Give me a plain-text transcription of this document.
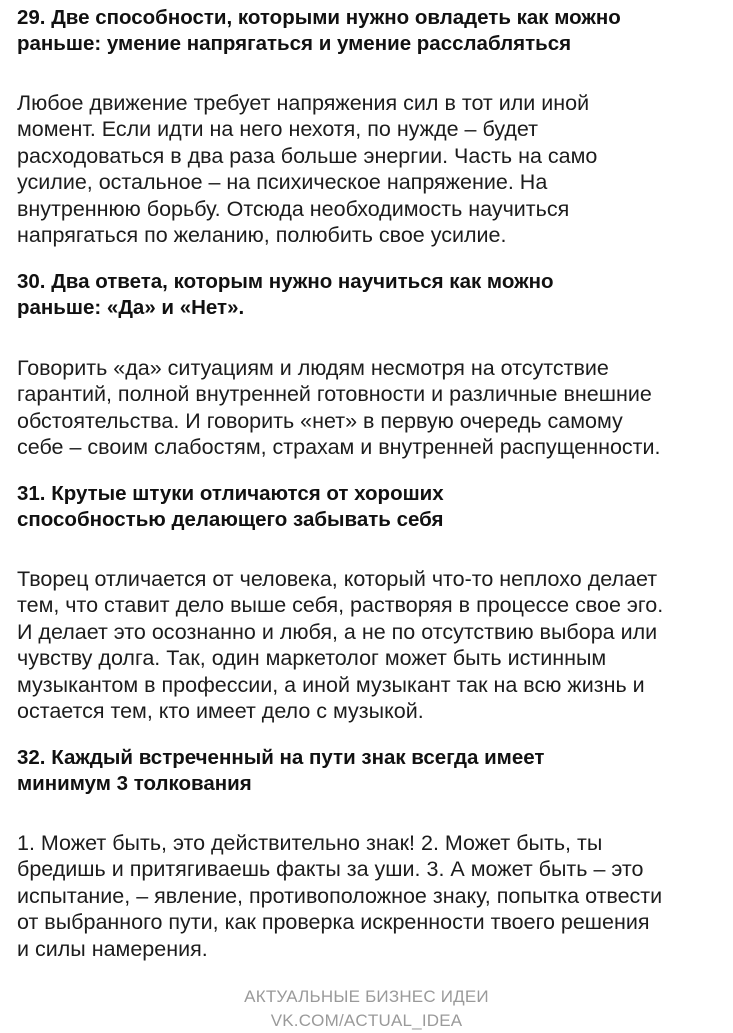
29. Две способности, которыми нужно овладеть как можно
раньше: умение напрягаться и умение расслабляться

Любое движение требует напряжения сил в тот или иной
момент. Если идти на него нехотя, по нужде – будет
расходоваться в два раза больше энергии. Часть на само
усилие, остальное – на психическое напряжение. На
внутреннюю борьбу. Отсюда необходимость научиться
напрягаться по желанию, полюбить свое усилие.

30. Два ответа, которым нужно научиться как можно
раньше: «Да» и «Нет».

Говорить «да» ситуациям и людям несмотря на отсутствие
гарантий, полной внутренней готовности и различные внешние
обстоятельства. И говорить «нет» в первую очередь самому
себе – своим слабостям, страхам и внутренней распущенности.

31. Крутые штуки отличаются от хороших
способностью делающего забывать себя

Творец отличается от человека, который что-то неплохо делает
тем, что ставит дело выше себя, растворяя в процессе свое эго.
И делает это осознанно и любя, а не по отсутствию выбора или
чувству долга. Так, один маркетолог может быть истинным
музыкантом в профессии, а иной музыкант так на всю жизнь и
остается тем, кто имеет дело с музыкой.

32. Каждый встреченный на пути знак всегда имеет
минимум 3 толкования

1. Может быть, это действительно знак! 2. Может быть, ты
бредишь и притягиваешь факты за уши. 3. А может быть – это
испытание, – явление, противоположное знаку, попытка отвести
от выбранного пути, как проверка искренности твоего решения
и силы намерения.

АКТУАЛЬНЫЕ БИЗНЕС ИДЕИ
VK.COM/ACTUAL_IDEA
